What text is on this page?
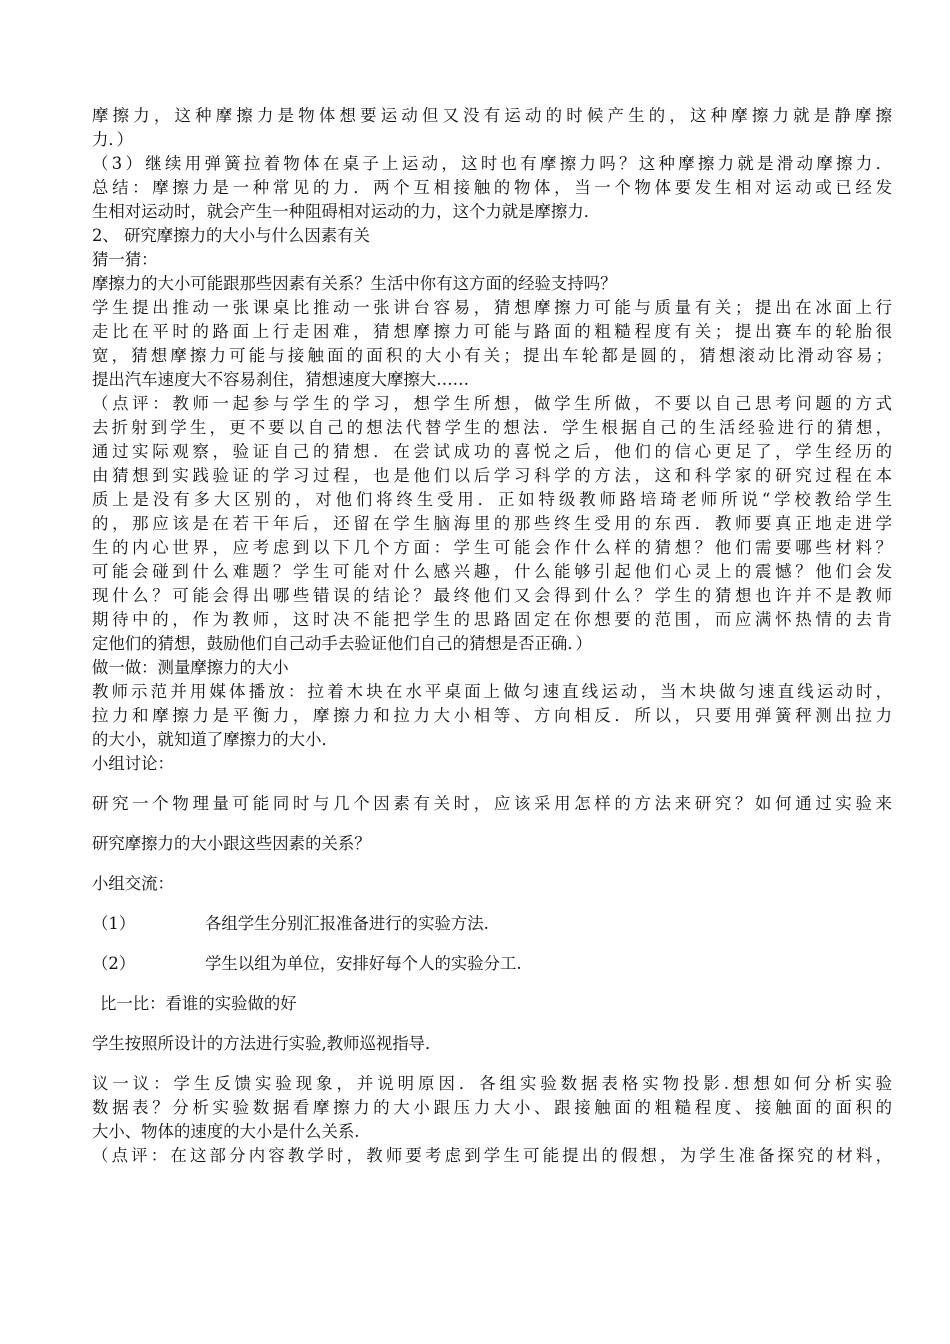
摩擦力，这种摩擦力是物体想要运动但又没有运动的时候产生的，这种摩擦力就是静摩擦
力．）
（3）继续用弹簧拉着物体在桌子上运动，这时也有摩擦力吗？这种摩擦力就是滑动摩擦力．
总结：摩擦力是一种常见的力．两个互相接触的物体，当一个物体要发生相对运动或已经发
生相对运动时，就会产生一种阻碍相对运动的力，这个力就是摩擦力．
2、 研究摩擦力的大小与什么因素有关
猜一猜：
摩擦力的大小可能跟那些因素有关系？生活中你有这方面的经验支持吗？
学生提出推动一张课桌比推动一张讲台容易，猜想摩擦力可能与质量有关；提出在冰面上行
走比在平时的路面上行走困难，猜想摩擦力可能与路面的粗糙程度有关；提出赛车的轮胎很
宽，猜想摩擦力可能与接触面的面积的大小有关；提出车轮都是圆的，猜想滚动比滑动容易；
提出汽车速度大不容易刹住，猜想速度大摩擦大……
（点评：教师一起参与学生的学习，想学生所想，做学生所做，不要以自己思考问题的方式
去折射到学生，更不要以自己的想法代替学生的想法．学生根据自己的生活经验进行的猜想，
通过实际观察，验证自己的猜想．在尝试成功的喜悦之后，他们的信心更足了，学生经历的
由猜想到实践验证的学习过程，也是他们以后学习科学的方法，这和科学家的研究过程在本
质上是没有多大区别的，对他们将终生受用．正如特级教师路培琦老师所说“学校教给学生
的，那应该是在若干年后，还留在学生脑海里的那些终生受用的东西．教师要真正地走进学
生的内心世界，应考虑到以下几个方面：学生可能会作什么样的猜想？他们需要哪些材料？
可能会碰到什么难题？学生可能对什么感兴趣，什么能够引起他们心灵上的震憾？他们会发
现什么？可能会得出哪些错误的结论？最终他们又会得到什么？学生的猜想也许并不是教师
期待中的，作为教师，这时决不能把学生的思路固定在你想要的范围，而应满怀热情的去肯
定他们的猜想，鼓励他们自己动手去验证他们自己的猜想是否正确．）
做一做：测量摩擦力的大小
教师示范并用媒体播放：拉着木块在水平桌面上做匀速直线运动，当木块做匀速直线运动时，
拉力和摩擦力是平衡力，摩擦力和拉力大小相等、方向相反．所以，只要用弹簧秤测出拉力
的大小，就知道了摩擦力的大小．
小组讨论：
研究一个物理量可能同时与几个因素有关时，应该采用怎样的方法来研究？如何通过实验来
研究摩擦力的大小跟这些因素的关系？
小组交流：
（1）	各组学生分别汇报准备进行的实验方法.
（2）	学生以组为单位，安排好每个人的实验分工.
比一比：看谁的实验做的好
学生按照所设计的方法进行实验,教师巡视指导．
议一议：学生反馈实验现象，并说明原因．各组实验数据表格实物投影.想想如何分析实验
数据表？分析实验数据看摩擦力的大小跟压力大小、跟接触面的粗糙程度、接触面的面积的
大小、物体的速度的大小是什么关系.
（点评：在这部分内容教学时，教师要考虑到学生可能提出的假想，为学生准备探究的材料，
